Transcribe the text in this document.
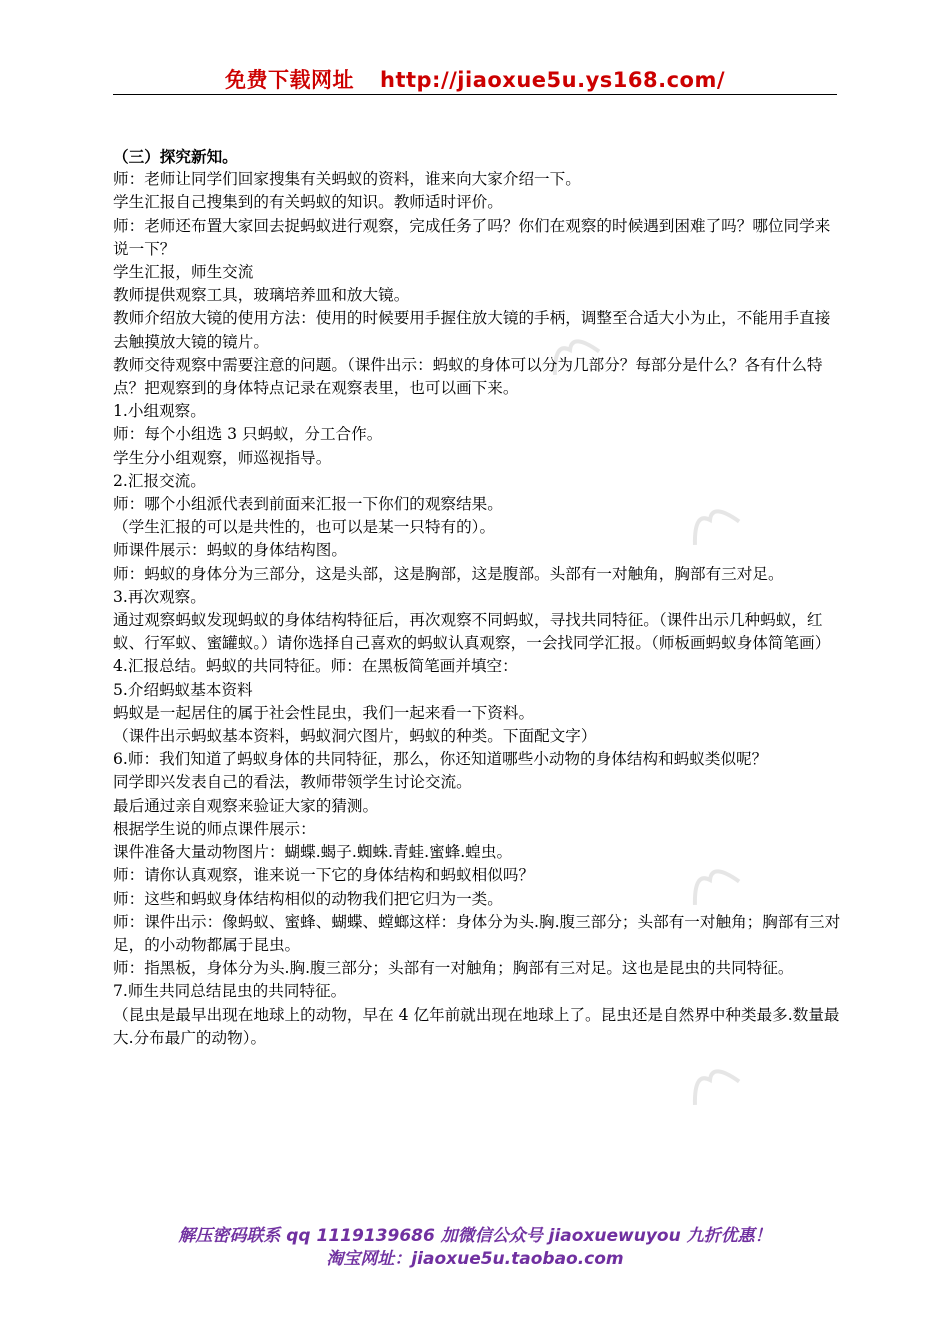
免费下载网址 http://jiaoxue5u.ys168.com/

（三）探究新知。

师：老师让同学们回家搜集有关蚂蚁的资料，谁来向大家介绍一下。

学生汇报自己搜集到的有关蚂蚁的知识。教师适时评价。

师：老师还布置大家回去捉蚂蚁进行观察，完成任务了吗？你们在观察的时候遇到困难了吗？哪位同学来说一下？

学生汇报，师生交流

教师提供观察工具，玻璃培养皿和放大镜。

教师介绍放大镜的使用方法：使用的时候要用手握住放大镜的手柄，调整至合适大小为止，不能用手直接去触摸放大镜的镜片。

教师交待观察中需要注意的问题。（课件出示：蚂蚁的身体可以分为几部分？每部分是什么？各有什么特点？把观察到的身体特点记录在观察表里，也可以画下来。

1.小组观察。

师：每个小组选 3 只蚂蚁，分工合作。

学生分小组观察，师巡视指导。

2.汇报交流。

师：哪个小组派代表到前面来汇报一下你们的观察结果。

（学生汇报的可以是共性的，也可以是某一只特有的）。

师课件展示：蚂蚁的身体结构图。

师：蚂蚁的身体分为三部分，这是头部，这是胸部，这是腹部。头部有一对触角，胸部有三对足。

3.再次观察。

通过观察蚂蚁发现蚂蚁的身体结构特征后，再次观察不同蚂蚁，寻找共同特征。（课件出示几种蚂蚁，红蚁、行军蚁、蜜罐蚁。）请你选择自己喜欢的蚂蚁认真观察，一会找同学汇报。（师板画蚂蚁身体简笔画）

4.汇报总结。蚂蚁的共同特征。师：在黑板简笔画并填空：

5.介绍蚂蚁基本资料

蚂蚁是一起居住的属于社会性昆虫，我们一起来看一下资料。

（课件出示蚂蚁基本资料，蚂蚁洞穴图片，蚂蚁的种类。下面配文字）

6.师：我们知道了蚂蚁身体的共同特征，那么，你还知道哪些小动物的身体结构和蚂蚁类似呢？

同学即兴发表自己的看法，教师带领学生讨论交流。

最后通过亲自观察来验证大家的猜测。

根据学生说的师点课件展示：

课件准备大量动物图片：蝴蝶.蝎子.蜘蛛.青蛙.蜜蜂.蝗虫。

师：请你认真观察，谁来说一下它的身体结构和蚂蚁相似吗？

师：这些和蚂蚁身体结构相似的动物我们把它归为一类。

师：课件出示：像蚂蚁、蜜蜂、蝴蝶、螳螂这样：身体分为头.胸.腹三部分；头部有一对触角；胸部有三对足，的小动物都属于昆虫。

师：指黑板，身体分为头.胸.腹三部分；头部有一对触角；胸部有三对足。这也是昆虫的共同特征。

7.师生共同总结昆虫的共同特征。

（昆虫是最早出现在地球上的动物，早在 4 亿年前就出现在地球上了。昆虫还是自然界中种类最多.数量最大.分布最广的动物）。

解压密码联系 qq 1119139686 加微信公众号 jiaoxuewuyou 九折优惠！
淘宝网址：jiaoxue5u.taobao.com
